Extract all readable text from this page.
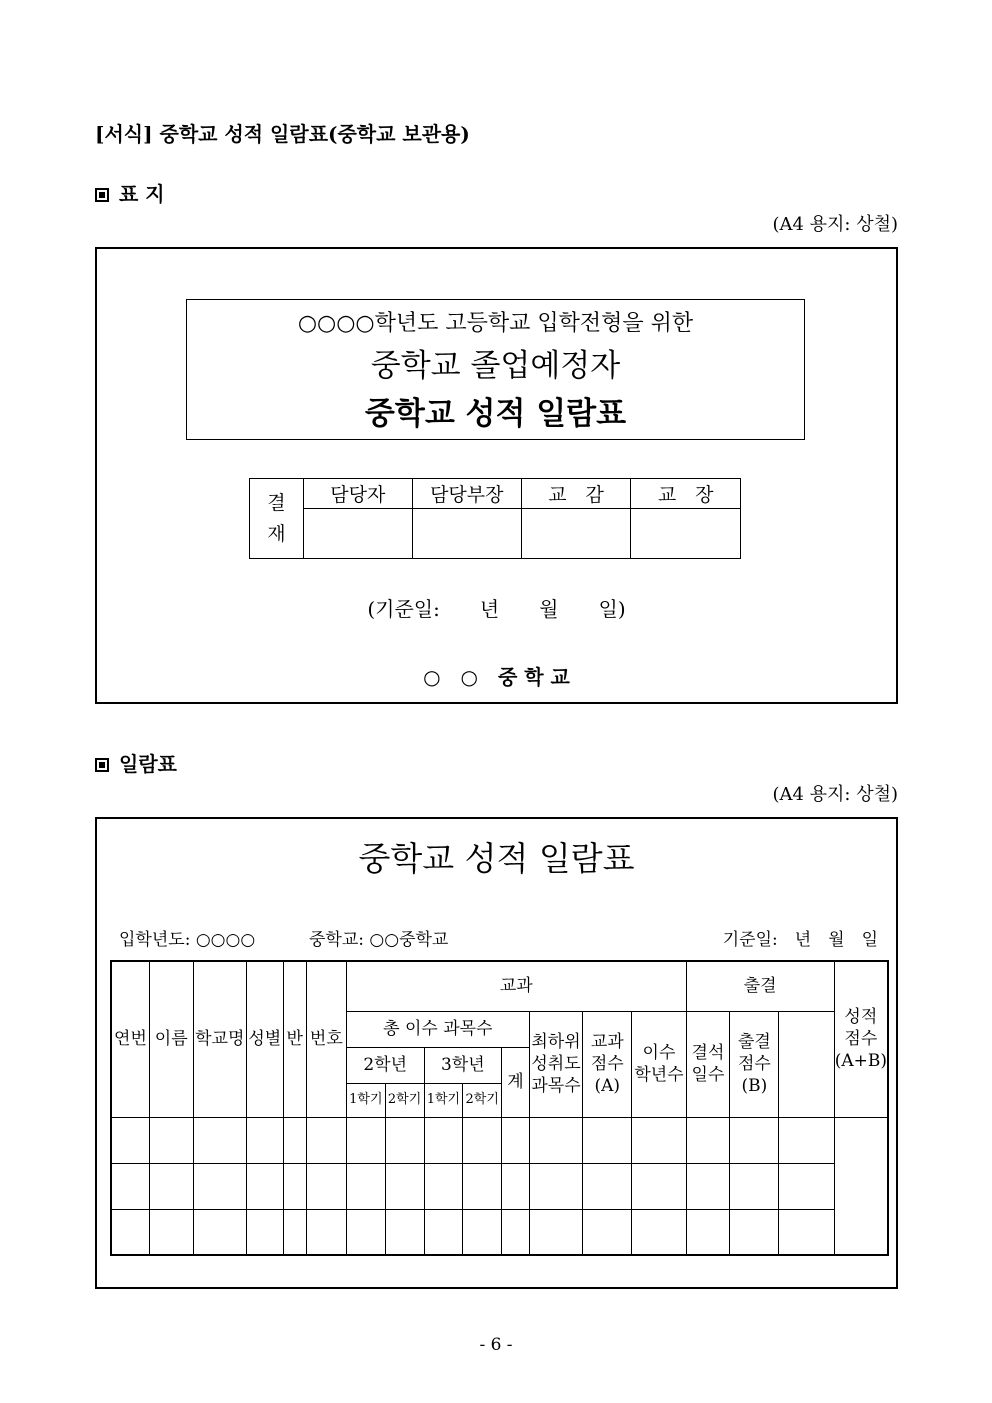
[서식] 중학교 성적 일람표(중학교 보관용)
표 지
(A4 용지: 상철)
○○○○학년도 고등학교 입학전형을 위한
중학교 졸업예정자
중학교 성적 일람표
결
재	담당자	담당부장	교　감	교　장

(기준일:　　년　　월　　일)
○　○　중 학 교
일람표
(A4 용지: 상철)
중학교 성적 일람표
입학년도: ○○○○	중학교: ○○중학교	기준일:　년　월　일
연번	이름	학교명	성별	반	번호	교과								출결			성적 점수 (A+B)
						총 이수 과목수					최하위 성취도 과목수	교과 점수 (A)	이수 학년수	결석 일수	출결 점수 (B)		
						2학년		3학년		계							
						1학기	2학기	1학기	2학기								

- 6 -
